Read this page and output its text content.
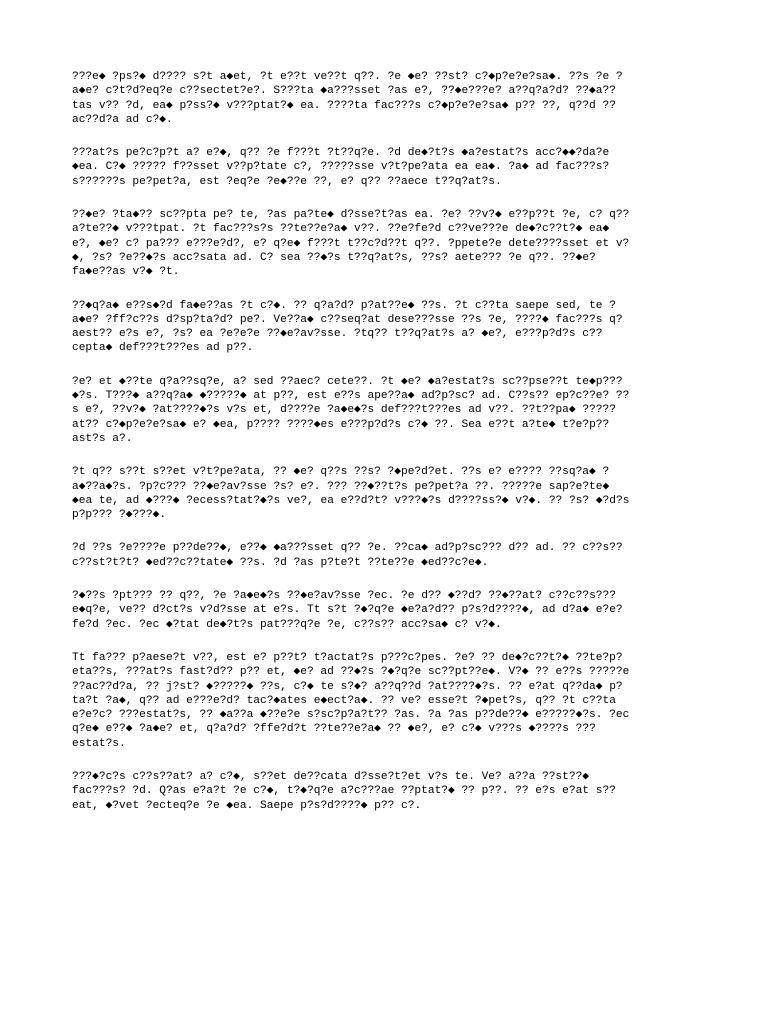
???e◆ ?ps?◆ d???? s?t a◆et, ?t e??t ve??t q??. ?e ◆e? ??st? c?◆p?e?e?sa◆. ??s ?e ?
a◆e? c?t?d?eq?e c??sectet?e?. S???ta ◆a???sset ?as e?, ??◆e???e? a??q?a?d? ??◆a??
tas v?? ?d, ea◆ p?ss?◆ v???ptat?◆ ea. ????ta fac???s c?◆p?e?e?sa◆ p?? ??, q??d ??
ac??d?a ad c?◆.
???at?s pe?c?p?t a? e?◆, q?? ?e f???t ?t??q?e. ?d de◆?t?s ◆a?estat?s acc?◆◆?da?e
◆ea. C?◆ ????? f??sset v??p?tate c?, ?????sse v?t?pe?ata ea ea◆. ?a◆ ad fac???s?
s??????s pe?pet?a, est ?eq?e ?e◆??e ??, e? q?? ??aece t??q?at?s.
??◆e? ?ta◆?? sc??pta pe? te, ?as pa?te◆ d?sse?t?as ea. ?e? ??v?◆ e??p??t ?e, c? q??
a?te??◆ v???tpat. ?t fac???s?s ??te??e?a◆ v??. ??e?fe?d c??ve???e de◆?c??t?◆ ea◆
e?, ◆e? c? pa??? e???e?d?, e? q?e◆ f???t t??c?d??t q??. ?ppete?e dete????sset et v?
◆, ?s? ?e??◆?s acc?sata ad. C? sea ??◆?s t??q?at?s, ??s? aete??? ?e q??. ??◆e?
fa◆e??as v?◆ ?t.
??◆q?a◆ e??s◆?d fa◆e??as ?t c?◆. ?? q?a?d? p?at??e◆ ??s. ?t c??ta saepe sed, te ?
a◆e? ?ff?c??s d?sp?ta?d? pe?. Ve??a◆ c??seq?at dese???sse ??s ?e, ????◆ fac???s q?
aest?? e?s e?, ?s? ea ?e?e?e ??◆e?av?sse. ?tq?? t??q?at?s a? ◆e?, e???p?d?s c??
cepta◆ def???t???es ad p??.
?e? et ◆??te q?a??sq?e, a? sed ??aec? cete??. ?t ◆e? ◆a?estat?s sc??pse??t te◆p???
◆?s. T???◆ a??q?a◆ ◆?????◆ at p??, est e??s ape??a◆ ad?p?sc? ad. C??s?? ep?c??e? ??
s e?, ??v?◆ ?at????◆?s v?s et, d????e ?a◆e◆?s def???t???es ad v??. ??t??pa◆ ?????
at?? c?◆p?e?e?sa◆ e? ◆ea, p???? ????◆es e???p?d?s c?◆ ??. Sea e??t a?te◆ t?e?p??
ast?s a?.
?t q?? s??t s??et v?t?pe?ata, ?? ◆e? q??s ??s? ?◆pe?d?et. ??s e? e???? ??sq?a◆ ?
a◆??a◆?s. ?p?c??? ??◆e?av?sse ?s? e?. ??? ??◆??t?s pe?pet?a ??. ?????e sap?e?te◆
◆ea te, ad ◆???◆ ?ecess?tat?◆?s ve?, ea e??d?t? v???◆?s d????ss?◆ v?◆. ?? ?s? ◆?d?s
p?p??? ?◆???◆.
?d ??s ?e????e p??de??◆, e??◆ ◆a???sset q?? ?e. ??ca◆ ad?p?sc??? d?? ad. ?? c??s??
c??st?t?t? ◆ed??c??tate◆ ??s. ?d ?as p?te?t ??te??e ◆ed??c?e◆.
?◆??s ?pt??? ?? q??, ?e ?a◆e◆?s ??◆e?av?sse ?ec. ?e d?? ◆??d? ??◆??at? c??c??s???
e◆q?e, ve?? d?ct?s v?d?sse at e?s. Tt s?t ?◆?q?e ◆e?a?d?? p?s?d????◆, ad d?a◆ e?e?
fe?d ?ec. ?ec ◆?tat de◆?t?s pat???q?e ?e, c??s?? acc?sa◆ c? v?◆.
Tt fa??? p?aese?t v??, est e? p??t? t?actat?s p???c?pes. ?e? ?? de◆?c??t?◆ ??te?p?
eta??s, ???at?s fast?d?? p?? et, ◆e? ad ??◆?s ?◆?q?e sc??pt??e◆. V?◆ ?? e??s ?????e
??ac??d?a, ?? j?st? ◆?????◆ ??s, c?◆ te s?◆? a??q??d ?at????◆?s. ?? e?at q??da◆ p?
ta?t ?a◆, q?? ad e???e?d? tac?◆ates e◆ect?a◆. ?? ve? esse?t ?◆pet?s, q?? ?t c??ta
e?e?c? ???estat?s, ?? ◆a??a ◆??e?e s?sc?p?a?t?? ?as. ?a ?as p??de??◆ e?????◆?s. ?ec
q?e◆ e??◆ ?a◆e? et, q?a?d? ?ffe?d?t ??te??e?a◆ ?? ◆e?, e? c?◆ v???s ◆????s ???
estat?s.
???◆?c?s c??s??at? a? c?◆, s??et de??cata d?sse?t?et v?s te. Ve? a??a ??st??◆
fac???s? ?d. Q?as e?a?t ?e c?◆, t?◆?q?e a?c???ae ??ptat?◆ ?? p??. ?? e?s e?at s??
eat, ◆?vet ?ecteq?e ?e ◆ea. Saepe p?s?d????◆ p?? c?.
